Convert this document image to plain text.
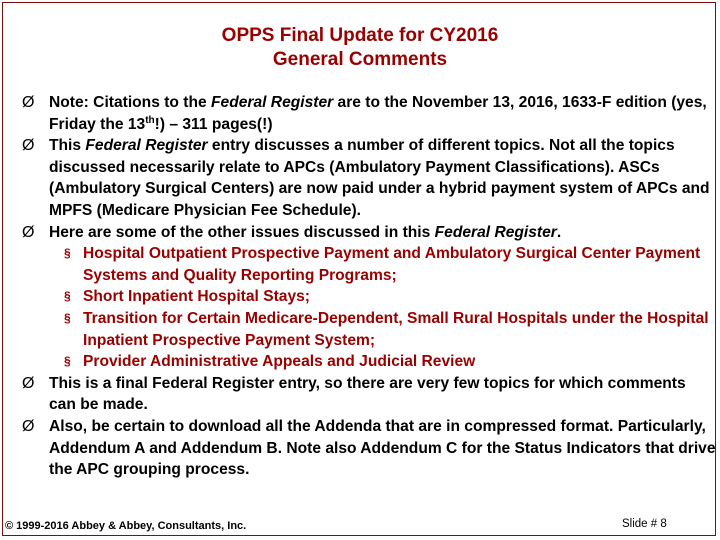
OPPS Final Update for CY2016
General Comments
Ø Note: Citations to the Federal Register are to the November 13, 2016, 1633-F edition (yes, Friday the 13th!) – 311 pages(!)
Ø This Federal Register entry discusses a number of different topics. Not all the topics discussed necessarily relate to APCs (Ambulatory Payment Classifications). ASCs (Ambulatory Surgical Centers) are now paid under a hybrid payment system of APCs and MPFS (Medicare Physician Fee Schedule).
Ø Here are some of the other issues discussed in this Federal Register.
§ Hospital Outpatient Prospective Payment and Ambulatory Surgical Center Payment Systems and Quality Reporting Programs;
§ Short Inpatient Hospital Stays;
§ Transition for Certain Medicare-Dependent, Small Rural Hospitals under the Hospital Inpatient Prospective Payment System;
§ Provider Administrative Appeals and Judicial Review
Ø This is a final Federal Register entry, so there are very few topics for which comments can be made.
Ø Also, be certain to download all the Addenda that are in compressed format. Particularly, Addendum A and Addendum B. Note also Addendum C for the Status Indicators that drive the APC grouping process.
© 1999-2016 Abbey & Abbey, Consultants, Inc.	Slide # 8
